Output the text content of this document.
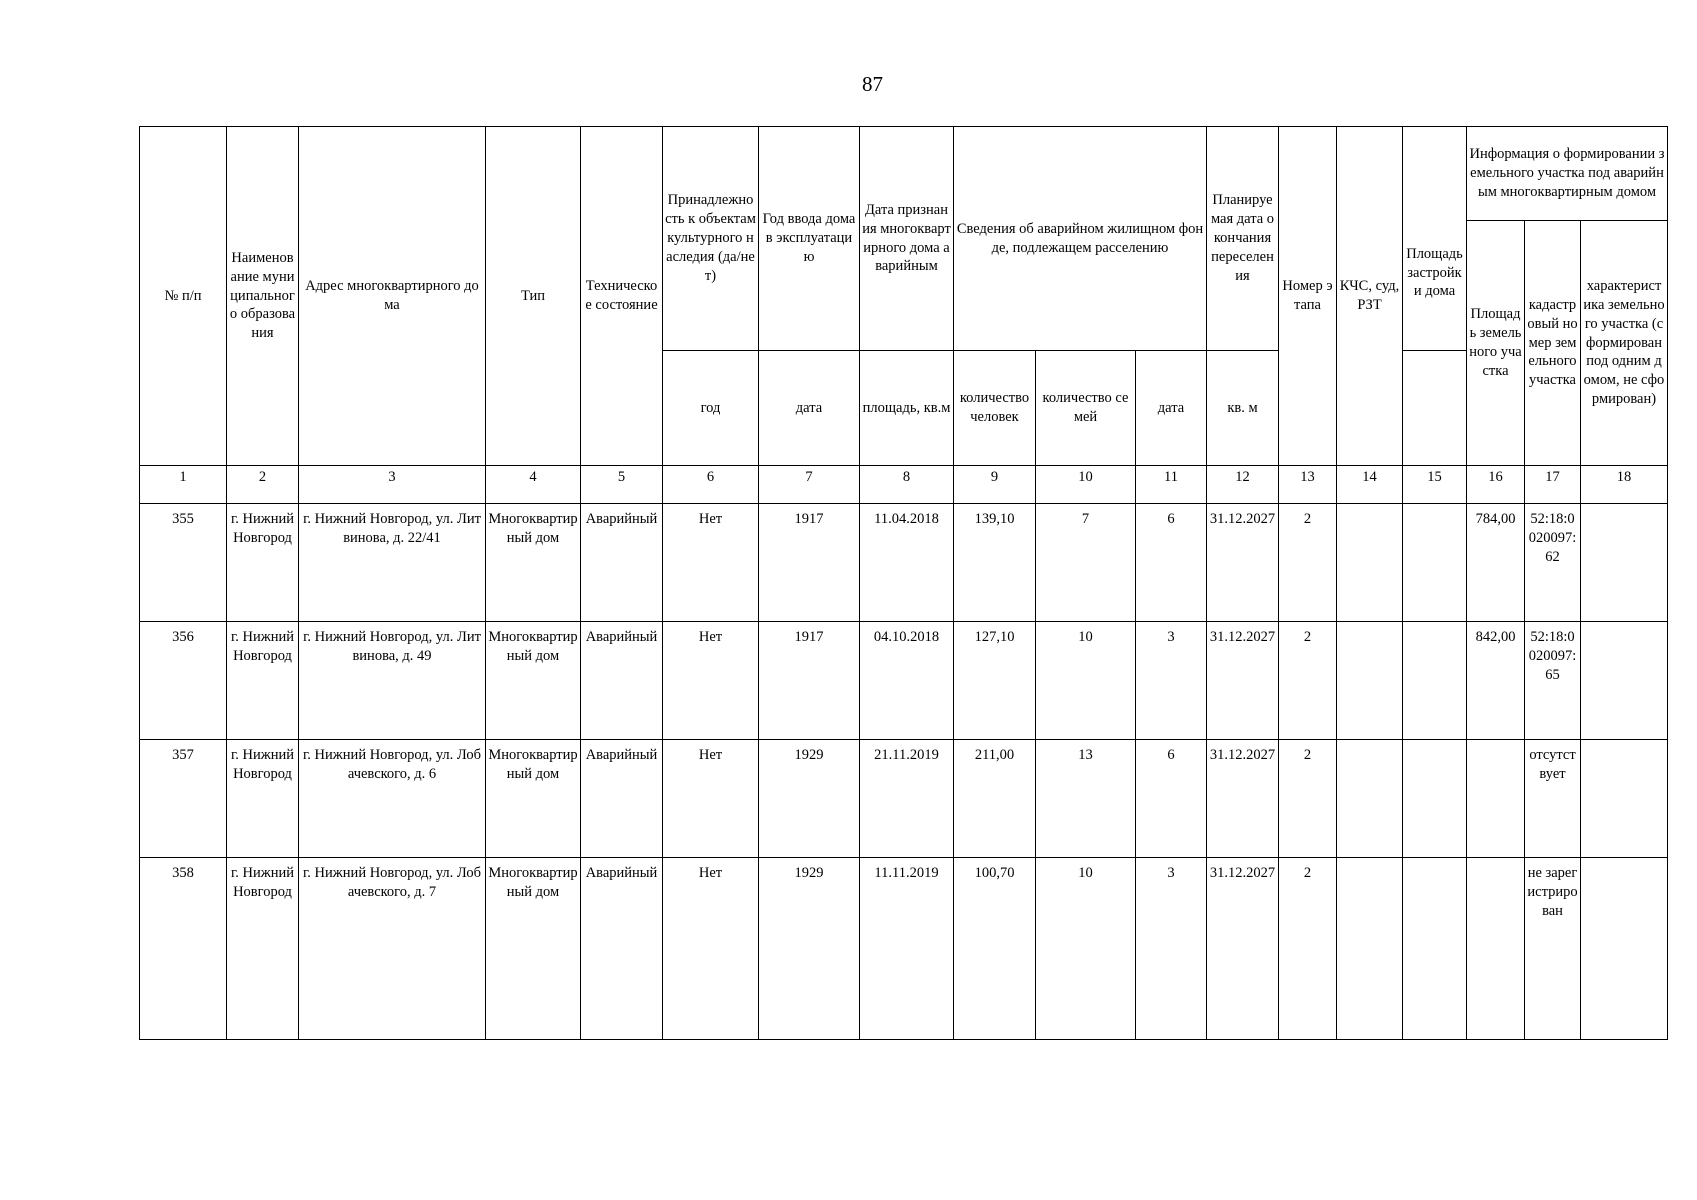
87
№ п/п	Наименование муниципального образования	Адрес многоквартирного дома	Тип	Техническое состояние	Принадлежность к объектам культурного наследия (да/нет)	Год ввода дома в эксплуатацию	Дата признания многоквартирного дома аварийным	Сведения об аварийном жилищном фонде, подлежащем расселению			Планируемая дата окончания переселения	Номер этапа	КЧС, суд, РЗТ	Площадь застройки дома	Информация о формировании земельного участка под аварийным многоквартирным домом		
															Площадь земельного участка	кадастровый номер земельного участка	характеристика земельного участка (сформирован под одним домом, не сформирован)
					год	дата	площадь, кв.м	количество человек	количество семей	дата	кв. м						
1	2	3	4	5	6	7	8	9	10	11	12	13	14	15	16	17	18
355	г. Нижний Новгород	г. Нижний Новгород, ул. Литвинова, д. 22/41	Многоквартирный дом	Аварийный	Нет	1917	11.04.2018	139,10	7	6	31.12.2027	2			784,00	52:18:0020097:62	
356	г. Нижний Новгород	г. Нижний Новгород, ул. Литвинова, д. 49	Многоквартирный дом	Аварийный	Нет	1917	04.10.2018	127,10	10	3	31.12.2027	2			842,00	52:18:0020097:65	
357	г. Нижний Новгород	г. Нижний Новгород, ул. Лобачевского, д. 6	Многоквартирный дом	Аварийный	Нет	1929	21.11.2019	211,00	13	6	31.12.2027	2				отсутствует	
358	г. Нижний Новгород	г. Нижний Новгород, ул. Лобачевского, д. 7	Многоквартирный дом	Аварийный	Нет	1929	11.11.2019	100,70	10	3	31.12.2027	2				не зарегистрирован	
